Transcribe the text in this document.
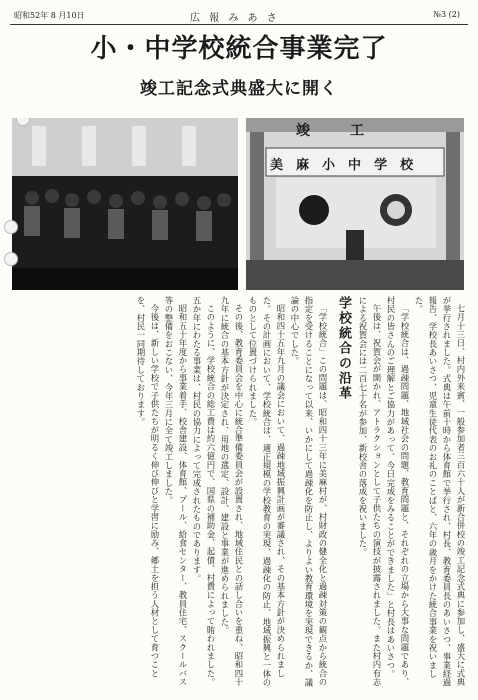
昭和52年 8 月10日	広 報 み あ さ	№3 (2)
小・中学校統合事業完了
竣工記念式典盛大に開く
竣工
美麻小中学校

七月十三日、村内外来賓、一般参加者三百六十人が新合併校の竣工記念式典に参加し、盛大に式典が挙行されました。式典は午前十時から体育館で挙行され、村長、教育委員長のあいさつ、事業経過報告、学校長あいさつ、児童生徒代表のお礼のことばと、六年の歳月をかけた統合事業を祝いました。

「学校統合は、過疎問題、地域社会の問題、教育問題と、それぞれの立場から大事な問題であり、村民の皆さんのご理解とご協力があって、今日完成をみることができました」と村長はあいさつ。

午後は、祝賀会が開かれ、アトラクションとして子供たちの演技が披露されました。また村内有志による祝賀会には二百七十名が参加、新校舎の落成を祝いました。

学校統合の沿革

「学校統合」この問題は、昭和四十三年に美麻村が、村財政の健全化と過疎対策の観点から統合の指定を受けることになって以来、いかにして過疎化を防止し、よりよい教育環境を実現できるか、議論の中心でした。

昭和四十五年九月の議会において、過疎地域振興計画が審議され、その基本方針が決められました。その計画において、学校統合は、適正規模の学校教育の実現、過疎化の防止、地域振興と一体のものとして位置づけられました。

その後、教育委員会を中心に統合準備委員会が設置され、地域住民との話し合いを重ね、昭和四十九年に統合の基本方針が決定され、用地の選定、設計、建設と事業が進められました。

このように、学校統合の総工費は約六億円で、国県の補助金、起債、村費によって賄われました。五か年にわたる事業は、村民の協力によって完成されたものであります。

昭和五十年度から事業着手、校舎建設、体育館、プール、給食センター、教員住宅、スクールバス等の整備をおこない、今年三月に全て竣工しました。

今後は、新しい学校で子供たちが明るく伸び伸びと学習に励み、郷土を担う人材として育つことを、村民一同期待しております。
